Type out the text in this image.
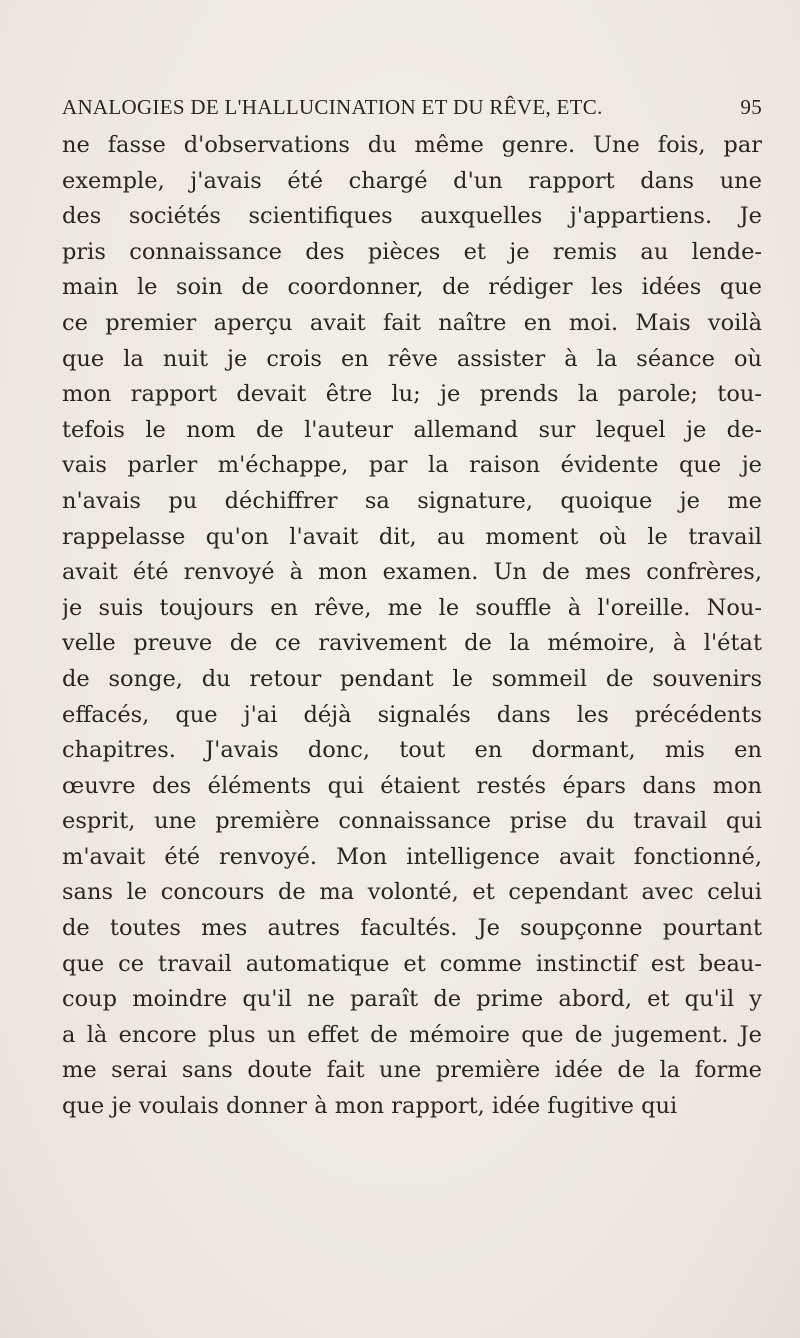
ANALOGIES DE L'HALLUCINATION ET DU RÊVE, ETC.	95
ne fasse d'observations du même genre. Une fois, par
exemple, j'avais été chargé d'un rapport dans une
des sociétés scientifiques auxquelles j'appartiens. Je
pris connaissance des pièces et je remis au lende-
main le soin de coordonner, de rédiger les idées que
ce premier aperçu avait fait naître en moi. Mais voilà
que la nuit je crois en rêve assister à la séance où
mon rapport devait être lu; je prends la parole; tou-
tefois le nom de l'auteur allemand sur lequel je de-
vais parler m'échappe, par la raison évidente que je
n'avais pu déchiffrer sa signature, quoique je me
rappelasse qu'on l'avait dit, au moment où le travail
avait été renvoyé à mon examen. Un de mes confrères,
je suis toujours en rêve, me le souffle à l'oreille. Nou-
velle preuve de ce ravivement de la mémoire, à l'état
de songe, du retour pendant le sommeil de souvenirs
effacés, que j'ai déjà signalés dans les précédents
chapitres. J'avais donc, tout en dormant, mis en
œuvre des éléments qui étaient restés épars dans mon
esprit, une première connaissance prise du travail qui
m'avait été renvoyé. Mon intelligence avait fonctionné,
sans le concours de ma volonté, et cependant avec celui
de toutes mes autres facultés. Je soupçonne pourtant
que ce travail automatique et comme instinctif est beau-
coup moindre qu'il ne paraît de prime abord, et qu'il y
a là encore plus un effet de mémoire que de jugement. Je
me serai sans doute fait une première idée de la forme
que je voulais donner à mon rapport, idée fugitive qui
